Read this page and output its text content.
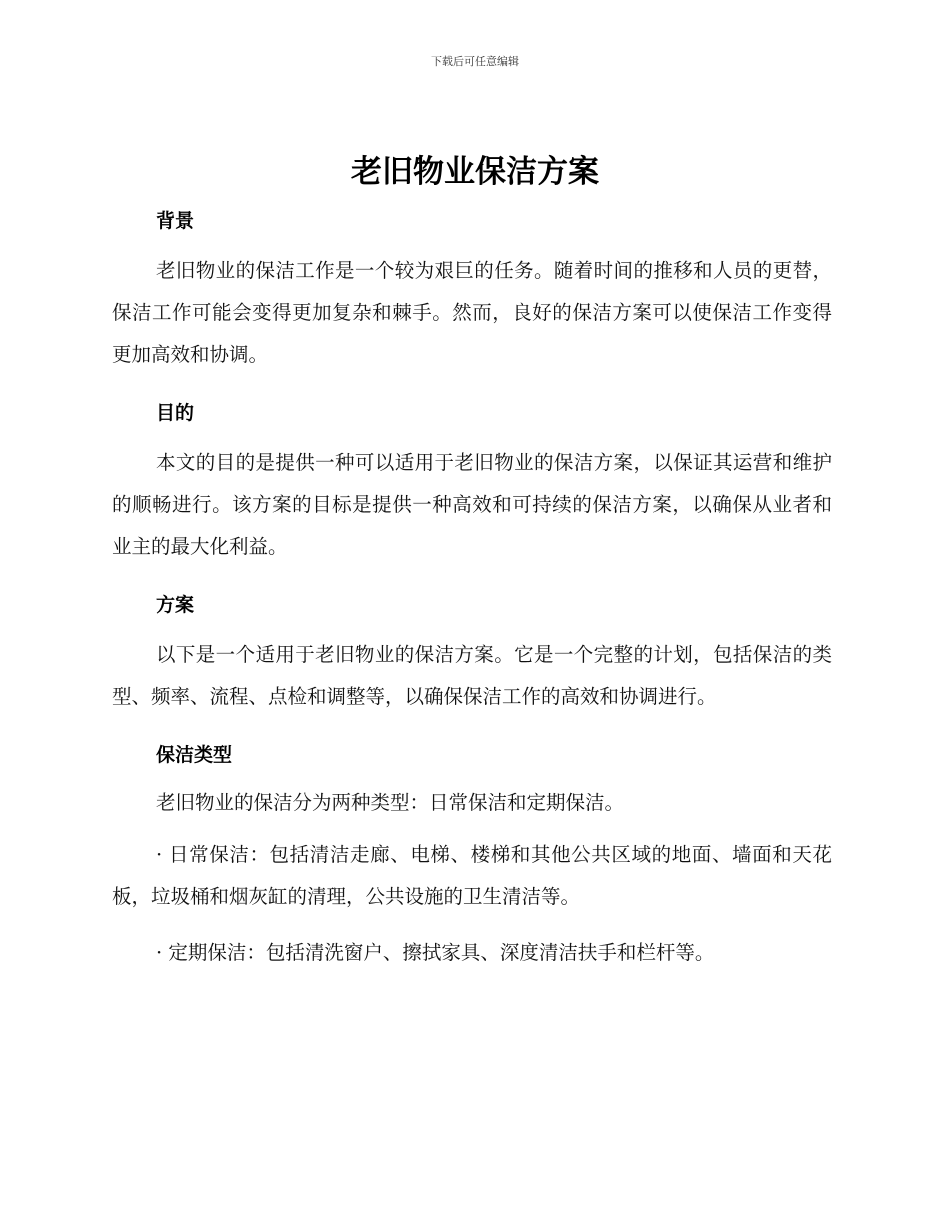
下载后可任意编辑
老旧物业保洁方案
背景

老旧物业的保洁工作是一个较为艰巨的任务。随着时间的推移和人员的更替，保洁工作可能会变得更加复杂和棘手。然而，良好的保洁方案可以使保洁工作变得更加高效和协调。

目的

本文的目的是提供一种可以适用于老旧物业的保洁方案，以保证其运营和维护的顺畅进行。该方案的目标是提供一种高效和可持续的保洁方案，以确保从业者和业主的最大化利益。

方案

以下是一个适用于老旧物业的保洁方案。它是一个完整的计划，包括保洁的类型、频率、流程、点检和调整等，以确保保洁工作的高效和协调进行。

保洁类型

老旧物业的保洁分为两种类型：日常保洁和定期保洁。

· 日常保洁：包括清洁走廊、电梯、楼梯和其他公共区域的地面、墙面和天花板，垃圾桶和烟灰缸的清理，公共设施的卫生清洁等。

· 定期保洁：包括清洗窗户、擦拭家具、深度清洁扶手和栏杆等。
